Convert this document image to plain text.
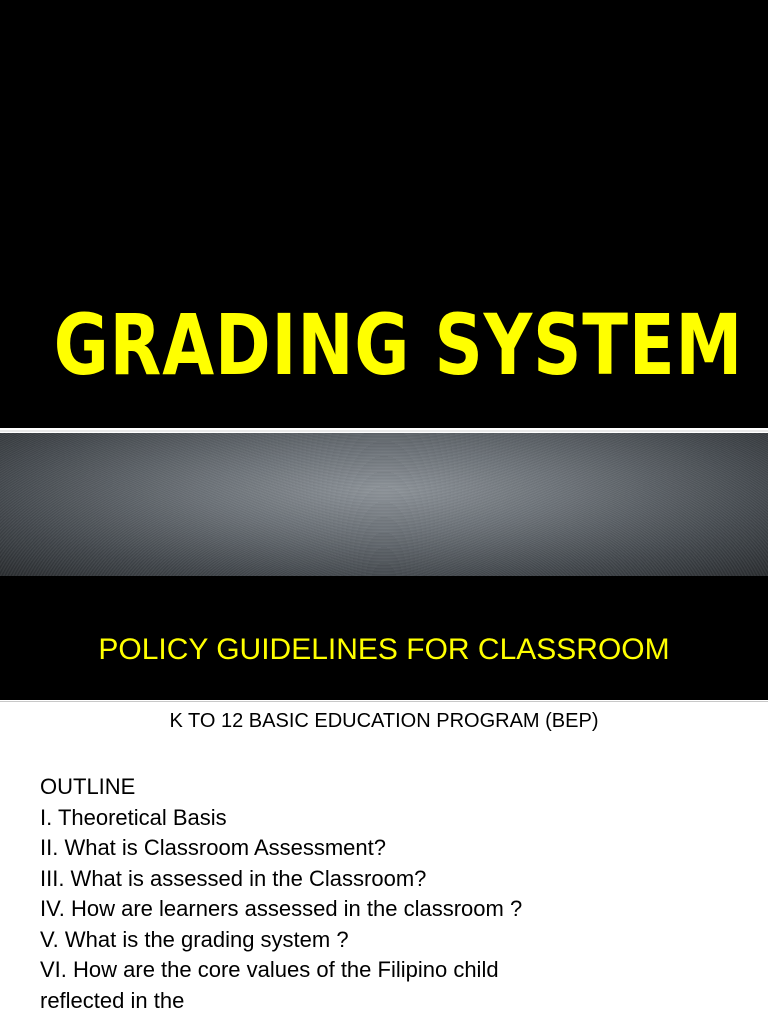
GRADING SYSTEM
POLICY GUIDELINES FOR CLASSROOM
K TO 12 BASIC EDUCATION PROGRAM (BEP)
OUTLINE
I. Theoretical Basis
II. What is Classroom Assessment?
III. What is assessed in the Classroom?
IV. How are learners assessed in the classroom ?
V. What is the grading system ?
VI. How are the core values of the Filipino child
reflected in the
